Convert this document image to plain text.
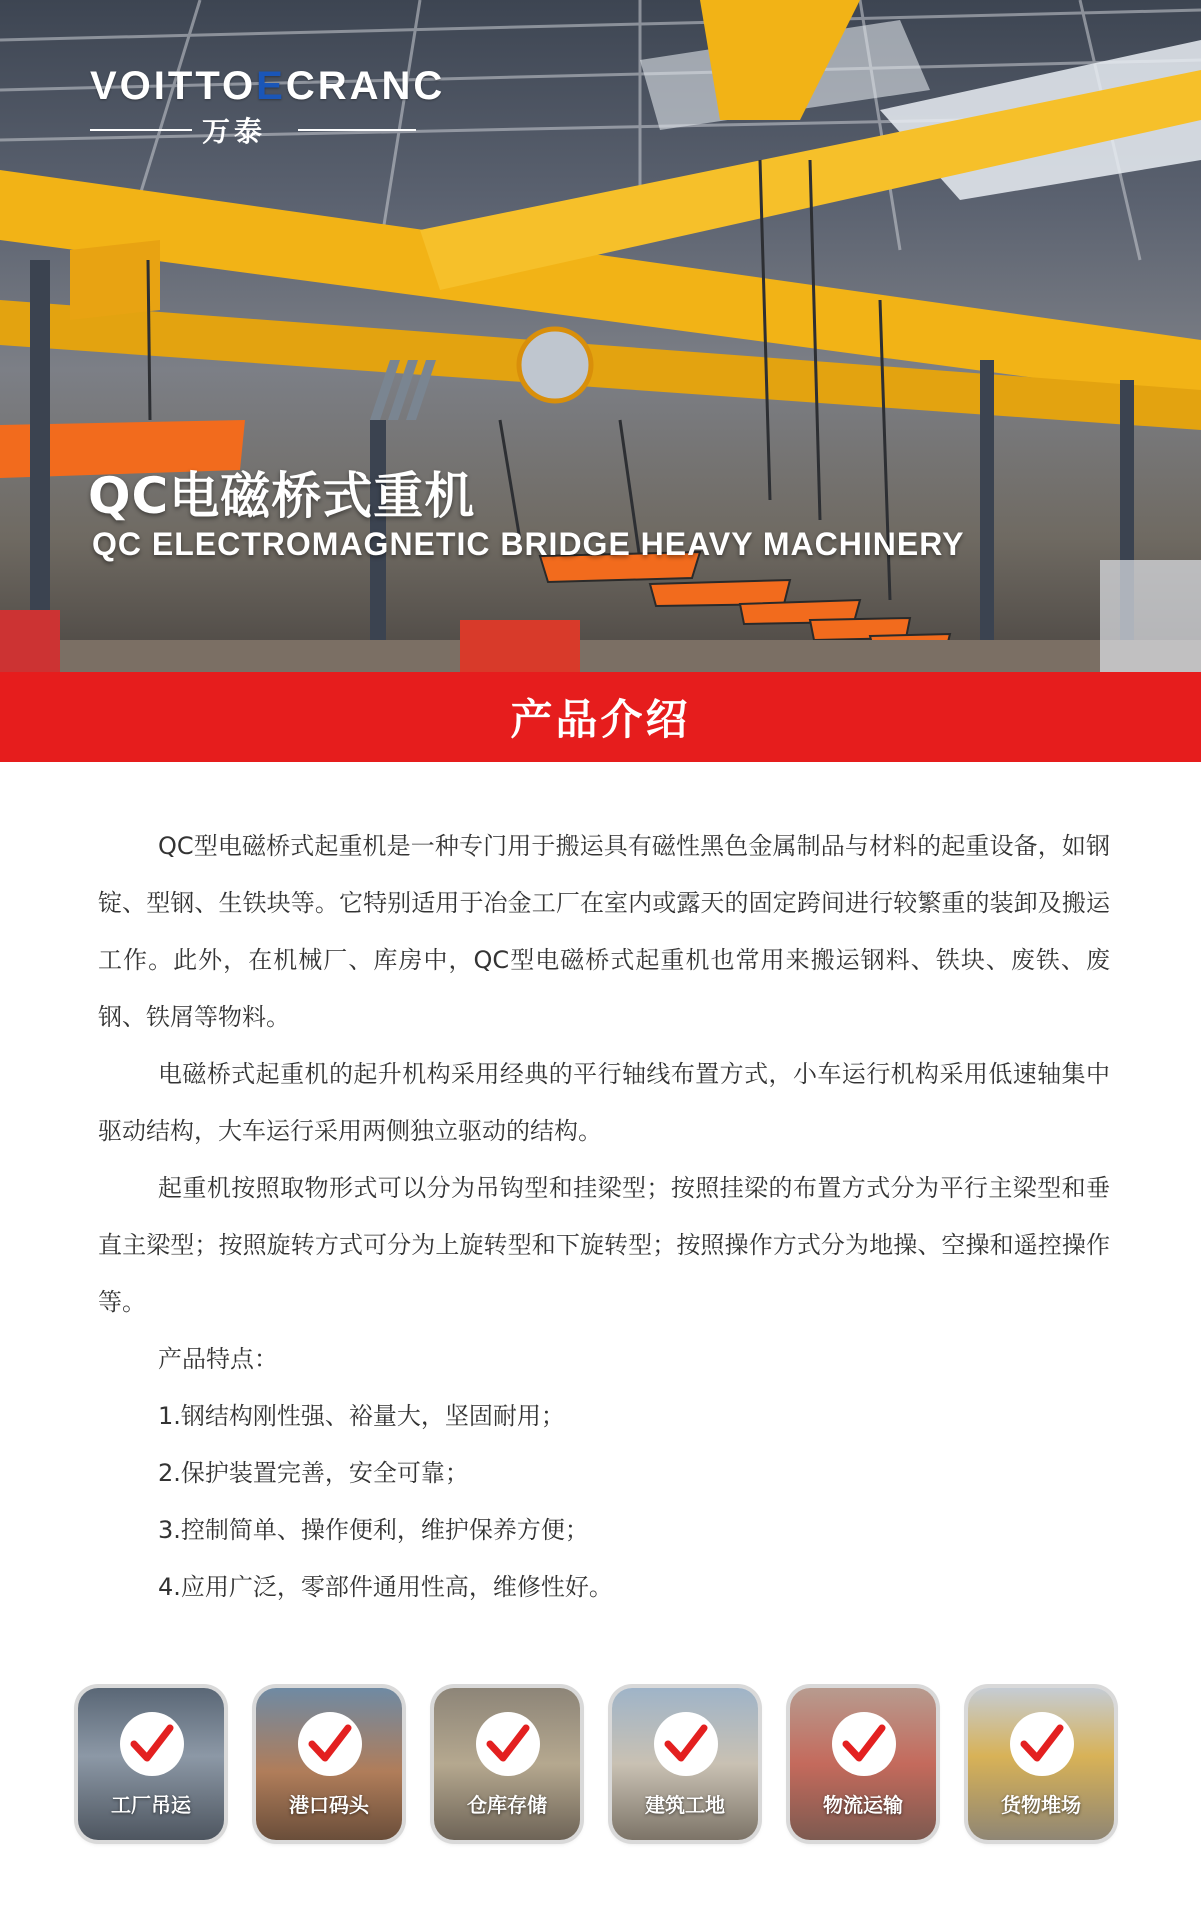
VOITTOECRANC
万泰
QC电磁桥式重机
QC ELECTROMAGNETIC BRIDGE HEAVY MACHINERY
产品介绍

QC型电磁桥式起重机是一种专门用于搬运具有磁性黑色金属制品与材料的起重设备，如钢锭、型钢、生铁块等。它特别适用于冶金工厂在室内或露天的固定跨间进行较繁重的装卸及搬运工作。此外，在机械厂、库房中，QC型电磁桥式起重机也常用来搬运钢料、铁块、废铁、废钢、铁屑等物料。

电磁桥式起重机的起升机构采用经典的平行轴线布置方式，小车运行机构采用低速轴集中驱动结构，大车运行采用两侧独立驱动的结构。

起重机按照取物形式可以分为吊钩型和挂梁型；按照挂梁的布置方式分为平行主梁型和垂直主梁型；按照旋转方式可分为上旋转型和下旋转型；按照操作方式分为地操、空操和遥控操作等。

产品特点：
1.钢结构刚性强、裕量大，坚固耐用；
2.保护装置完善，安全可靠；
3.控制简单、操作便利，维护保养方便；
4.应用广泛，零部件通用性高，维修性好。
工厂吊运	港口码头	仓库存储	建筑工地	物流运输	货物堆场
